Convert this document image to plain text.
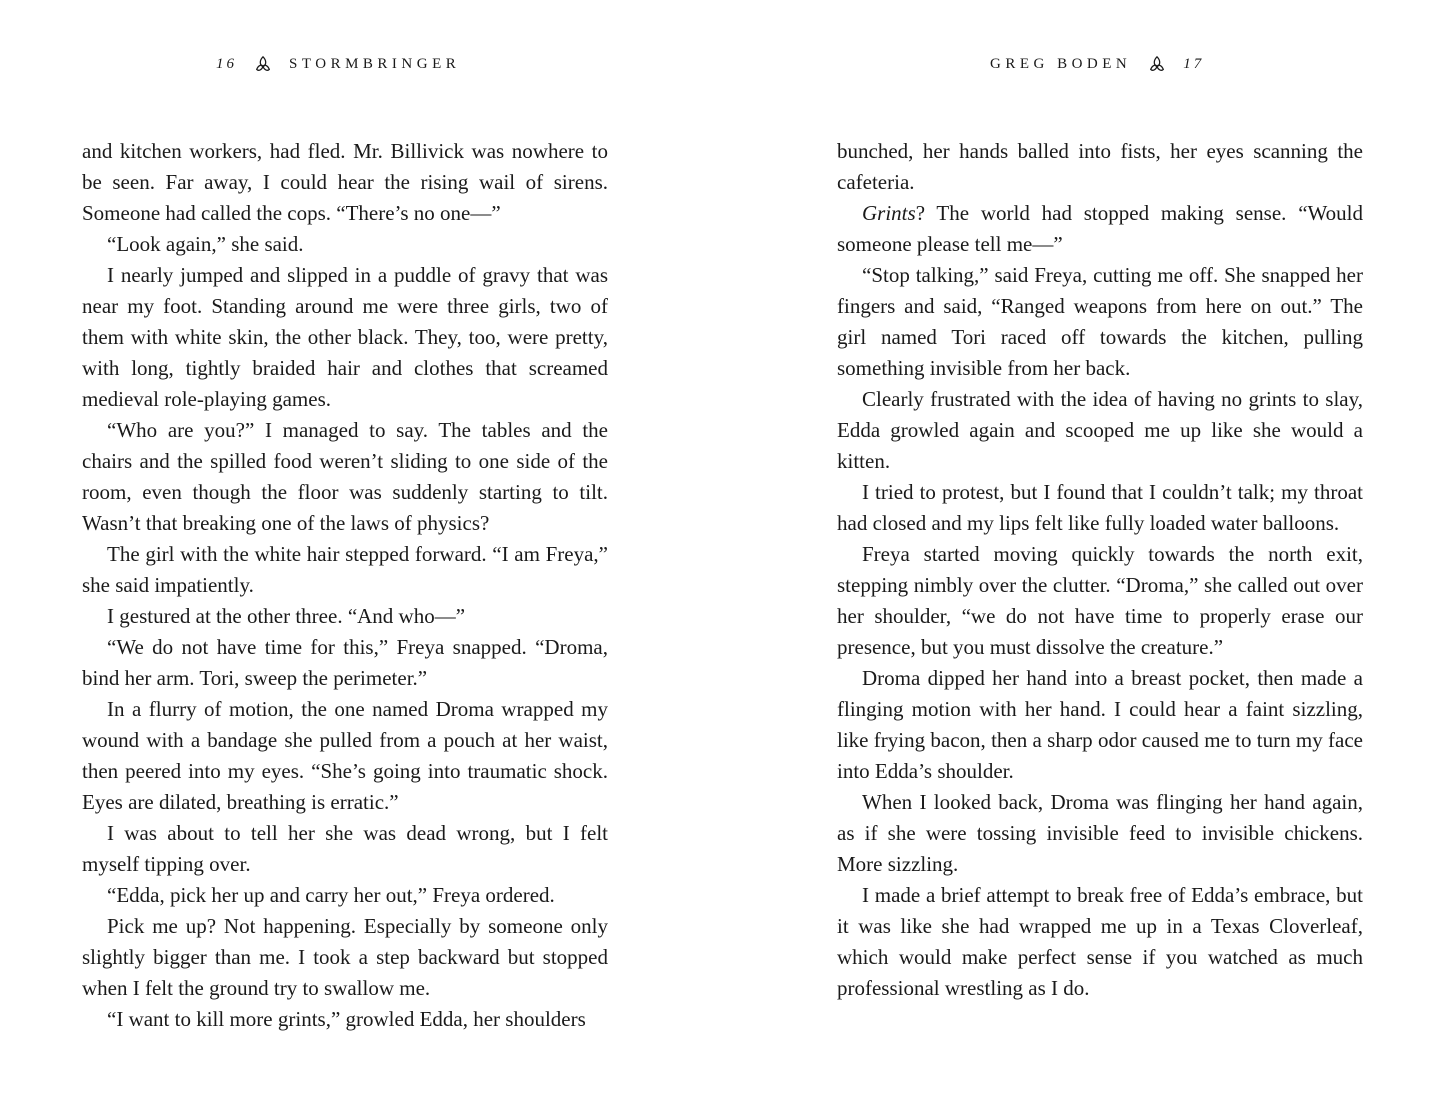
16	STORMBRINGER

and kitchen workers, had fled. Mr. Billivick was nowhere to be seen. Far away, I could hear the rising wail of sirens. Someone had called the cops. “There’s no one—”

“Look again,” she said.

I nearly jumped and slipped in a puddle of gravy that was near my foot. Standing around me were three girls, two of them with white skin, the other black. They, too, were pretty, with long, tightly braided hair and clothes that screamed medieval role-playing games.

“Who are you?” I managed to say. The tables and the chairs and the spilled food weren’t sliding to one side of the room, even though the floor was suddenly starting to tilt. Wasn’t that breaking one of the laws of physics?

The girl with the white hair stepped forward. “I am Freya,” she said impatiently.

I gestured at the other three. “And who—”

“We do not have time for this,” Freya snapped. “Droma, bind her arm. Tori, sweep the perimeter.”

In a flurry of motion, the one named Droma wrapped my wound with a bandage she pulled from a pouch at her waist, then peered into my eyes. “She’s going into traumatic shock. Eyes are dilated, breathing is erratic.”

I was about to tell her she was dead wrong, but I felt myself tipping over.

“Edda, pick her up and carry her out,” Freya ordered.

Pick me up? Not happening. Especially by someone only slightly bigger than me. I took a step backward but stopped when I felt the ground try to swallow me.

“I want to kill more grints,” growled Edda, her shoulders

GREG BODEN	17

bunched, her hands balled into fists, her eyes scanning the cafeteria.

Grints? The world had stopped making sense. “Would someone please tell me—”

“Stop talking,” said Freya, cutting me off. She snapped her fingers and said, “Ranged weapons from here on out.” The girl named Tori raced off towards the kitchen, pulling something invisible from her back.

Clearly frustrated with the idea of having no grints to slay, Edda growled again and scooped me up like she would a kitten.

I tried to protest, but I found that I couldn’t talk; my throat had closed and my lips felt like fully loaded water balloons.

Freya started moving quickly towards the north exit, stepping nimbly over the clutter. “Droma,” she called out over her shoulder, “we do not have time to properly erase our presence, but you must dissolve the creature.”

Droma dipped her hand into a breast pocket, then made a flinging motion with her hand. I could hear a faint sizzling, like frying bacon, then a sharp odor caused me to turn my face into Edda’s shoulder.

When I looked back, Droma was flinging her hand again, as if she were tossing invisible feed to invisible chickens. More sizzling.

I made a brief attempt to break free of Edda’s embrace, but it was like she had wrapped me up in a Texas Cloverleaf, which would make perfect sense if you watched as much professional wrestling as I do.
